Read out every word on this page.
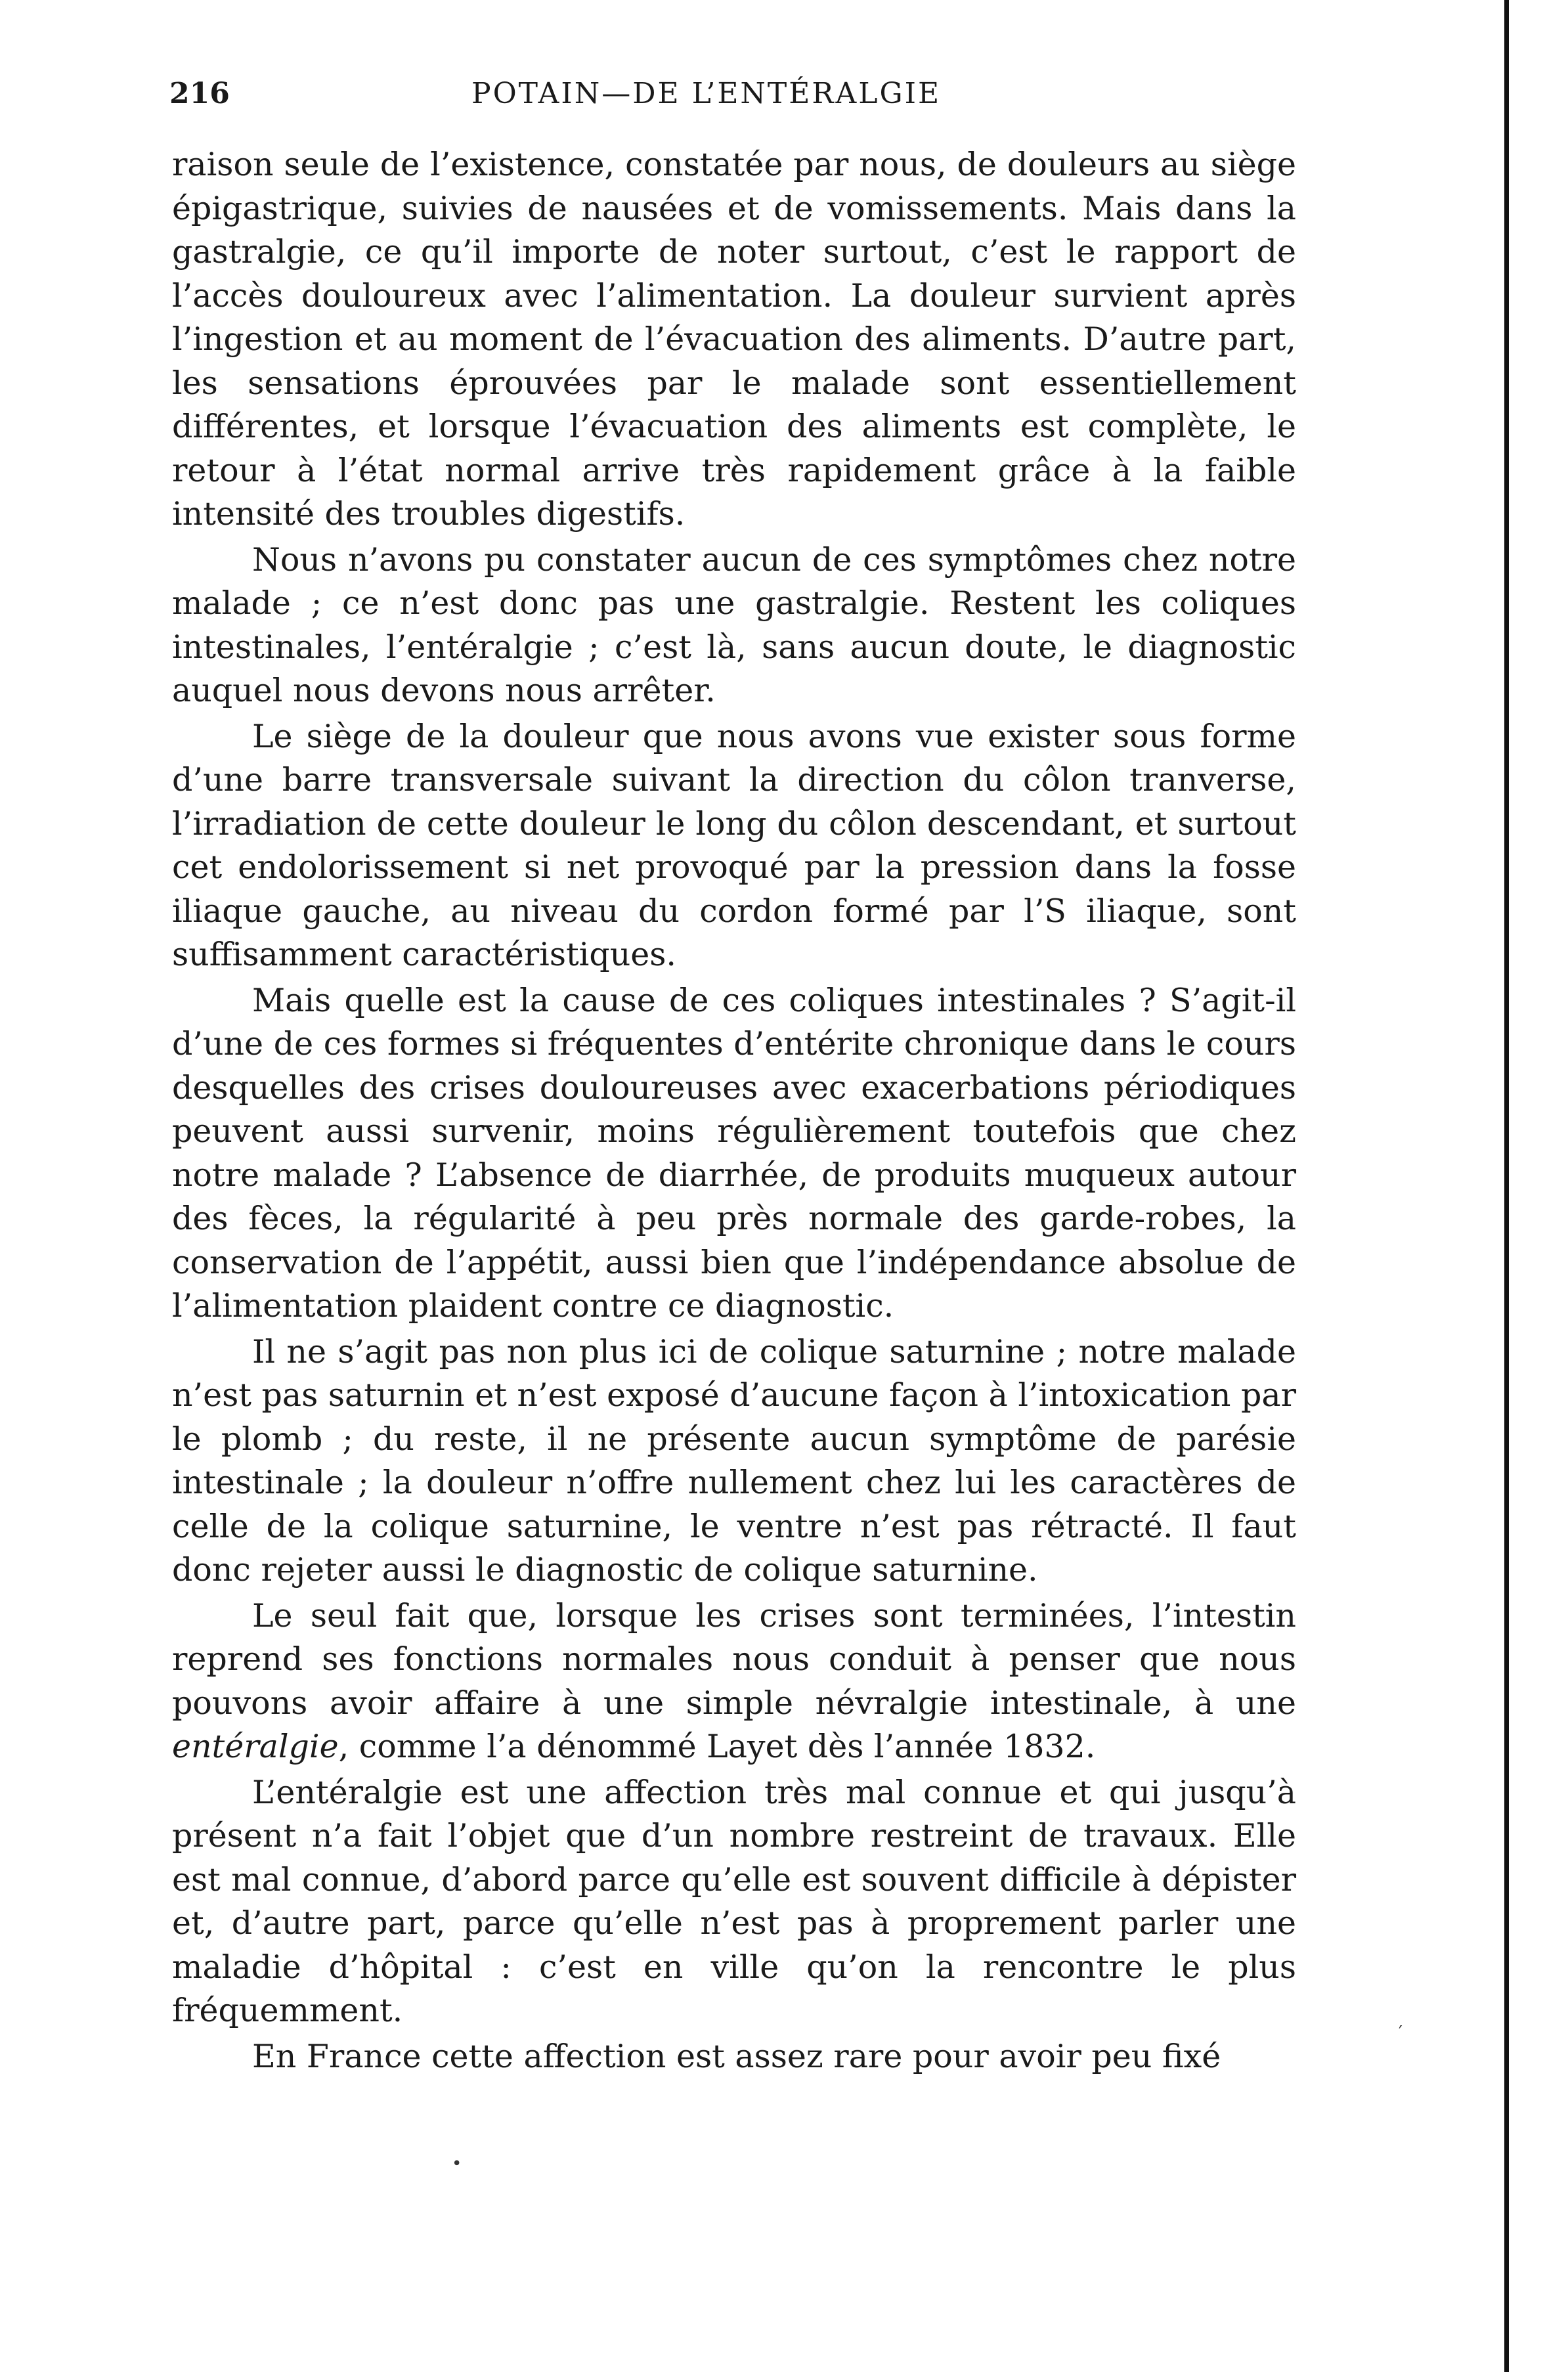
216	POTAIN—DE L’ENTÉRALGIE

raison seule de l’existence, constatée par nous, de douleurs au siège épigastrique, suivies de nausées et de vomissements. Mais dans la gastralgie, ce qu’il importe de noter surtout, c’est le rapport de l’accès douloureux avec l’alimentation. La douleur survient après l’ingestion et au moment de l’évacuation des aliments. D’autre part, les sensations éprouvées par le malade sont essentiellement différentes, et lorsque l’évacuation des aliments est complète, le retour à l’état normal arrive très rapidement grâce à la faible intensité des troubles digestifs.

Nous n’avons pu constater aucun de ces symptômes chez notre malade ; ce n’est donc pas une gastralgie. Restent les coliques intestinales, l’entéralgie ; c’est là, sans aucun doute, le diagnostic auquel nous devons nous arrêter.

Le siège de la douleur que nous avons vue exister sous forme d’une barre transversale suivant la direction du côlon tranverse, l’irradiation de cette douleur le long du côlon descendant, et surtout cet endolorissement si net provoqué par la pression dans la fosse iliaque gauche, au niveau du cordon formé par l’S iliaque, sont suffisamment caractéristiques.

Mais quelle est la cause de ces coliques intestinales ? S’agit-il d’une de ces formes si fréquentes d’entérite chronique dans le cours desquelles des crises douloureuses avec exacerbations périodiques peuvent aussi survenir, moins régulièrement toutefois que chez notre malade ? L’absence de diarrhée, de produits muqueux autour des fèces, la régularité à peu près normale des garde-robes, la conservation de l’appétit, aussi bien que l’indépendance absolue de l’alimentation plaident contre ce diagnostic.

Il ne s’agit pas non plus ici de colique saturnine ; notre malade n’est pas saturnin et n’est exposé d’aucune façon à l’intoxication par le plomb ; du reste, il ne présente aucun symptôme de parésie intestinale ; la douleur n’offre nullement chez lui les caractères de celle de la colique saturnine, le ventre n’est pas rétracté. Il faut donc rejeter aussi le diagnostic de colique saturnine.

Le seul fait que, lorsque les crises sont terminées, l’intestin reprend ses fonctions normales nous conduit à penser que nous pouvons avoir affaire à une simple névralgie intestinale, à une entéralgie, comme l’a dénommé Layet dès l’année 1832.

L’entéralgie est une affection très mal connue et qui jusqu’à présent n’a fait l’objet que d’un nombre restreint de travaux. Elle est mal connue, d’abord parce qu’elle est souvent difficile à dépister et, d’autre part, parce qu’elle n’est pas à proprement parler une maladie d’hôpital : c’est en ville qu’on la rencontre le plus fréquemment.

En France cette affection est assez rare pour avoir peu fixé

•
′
